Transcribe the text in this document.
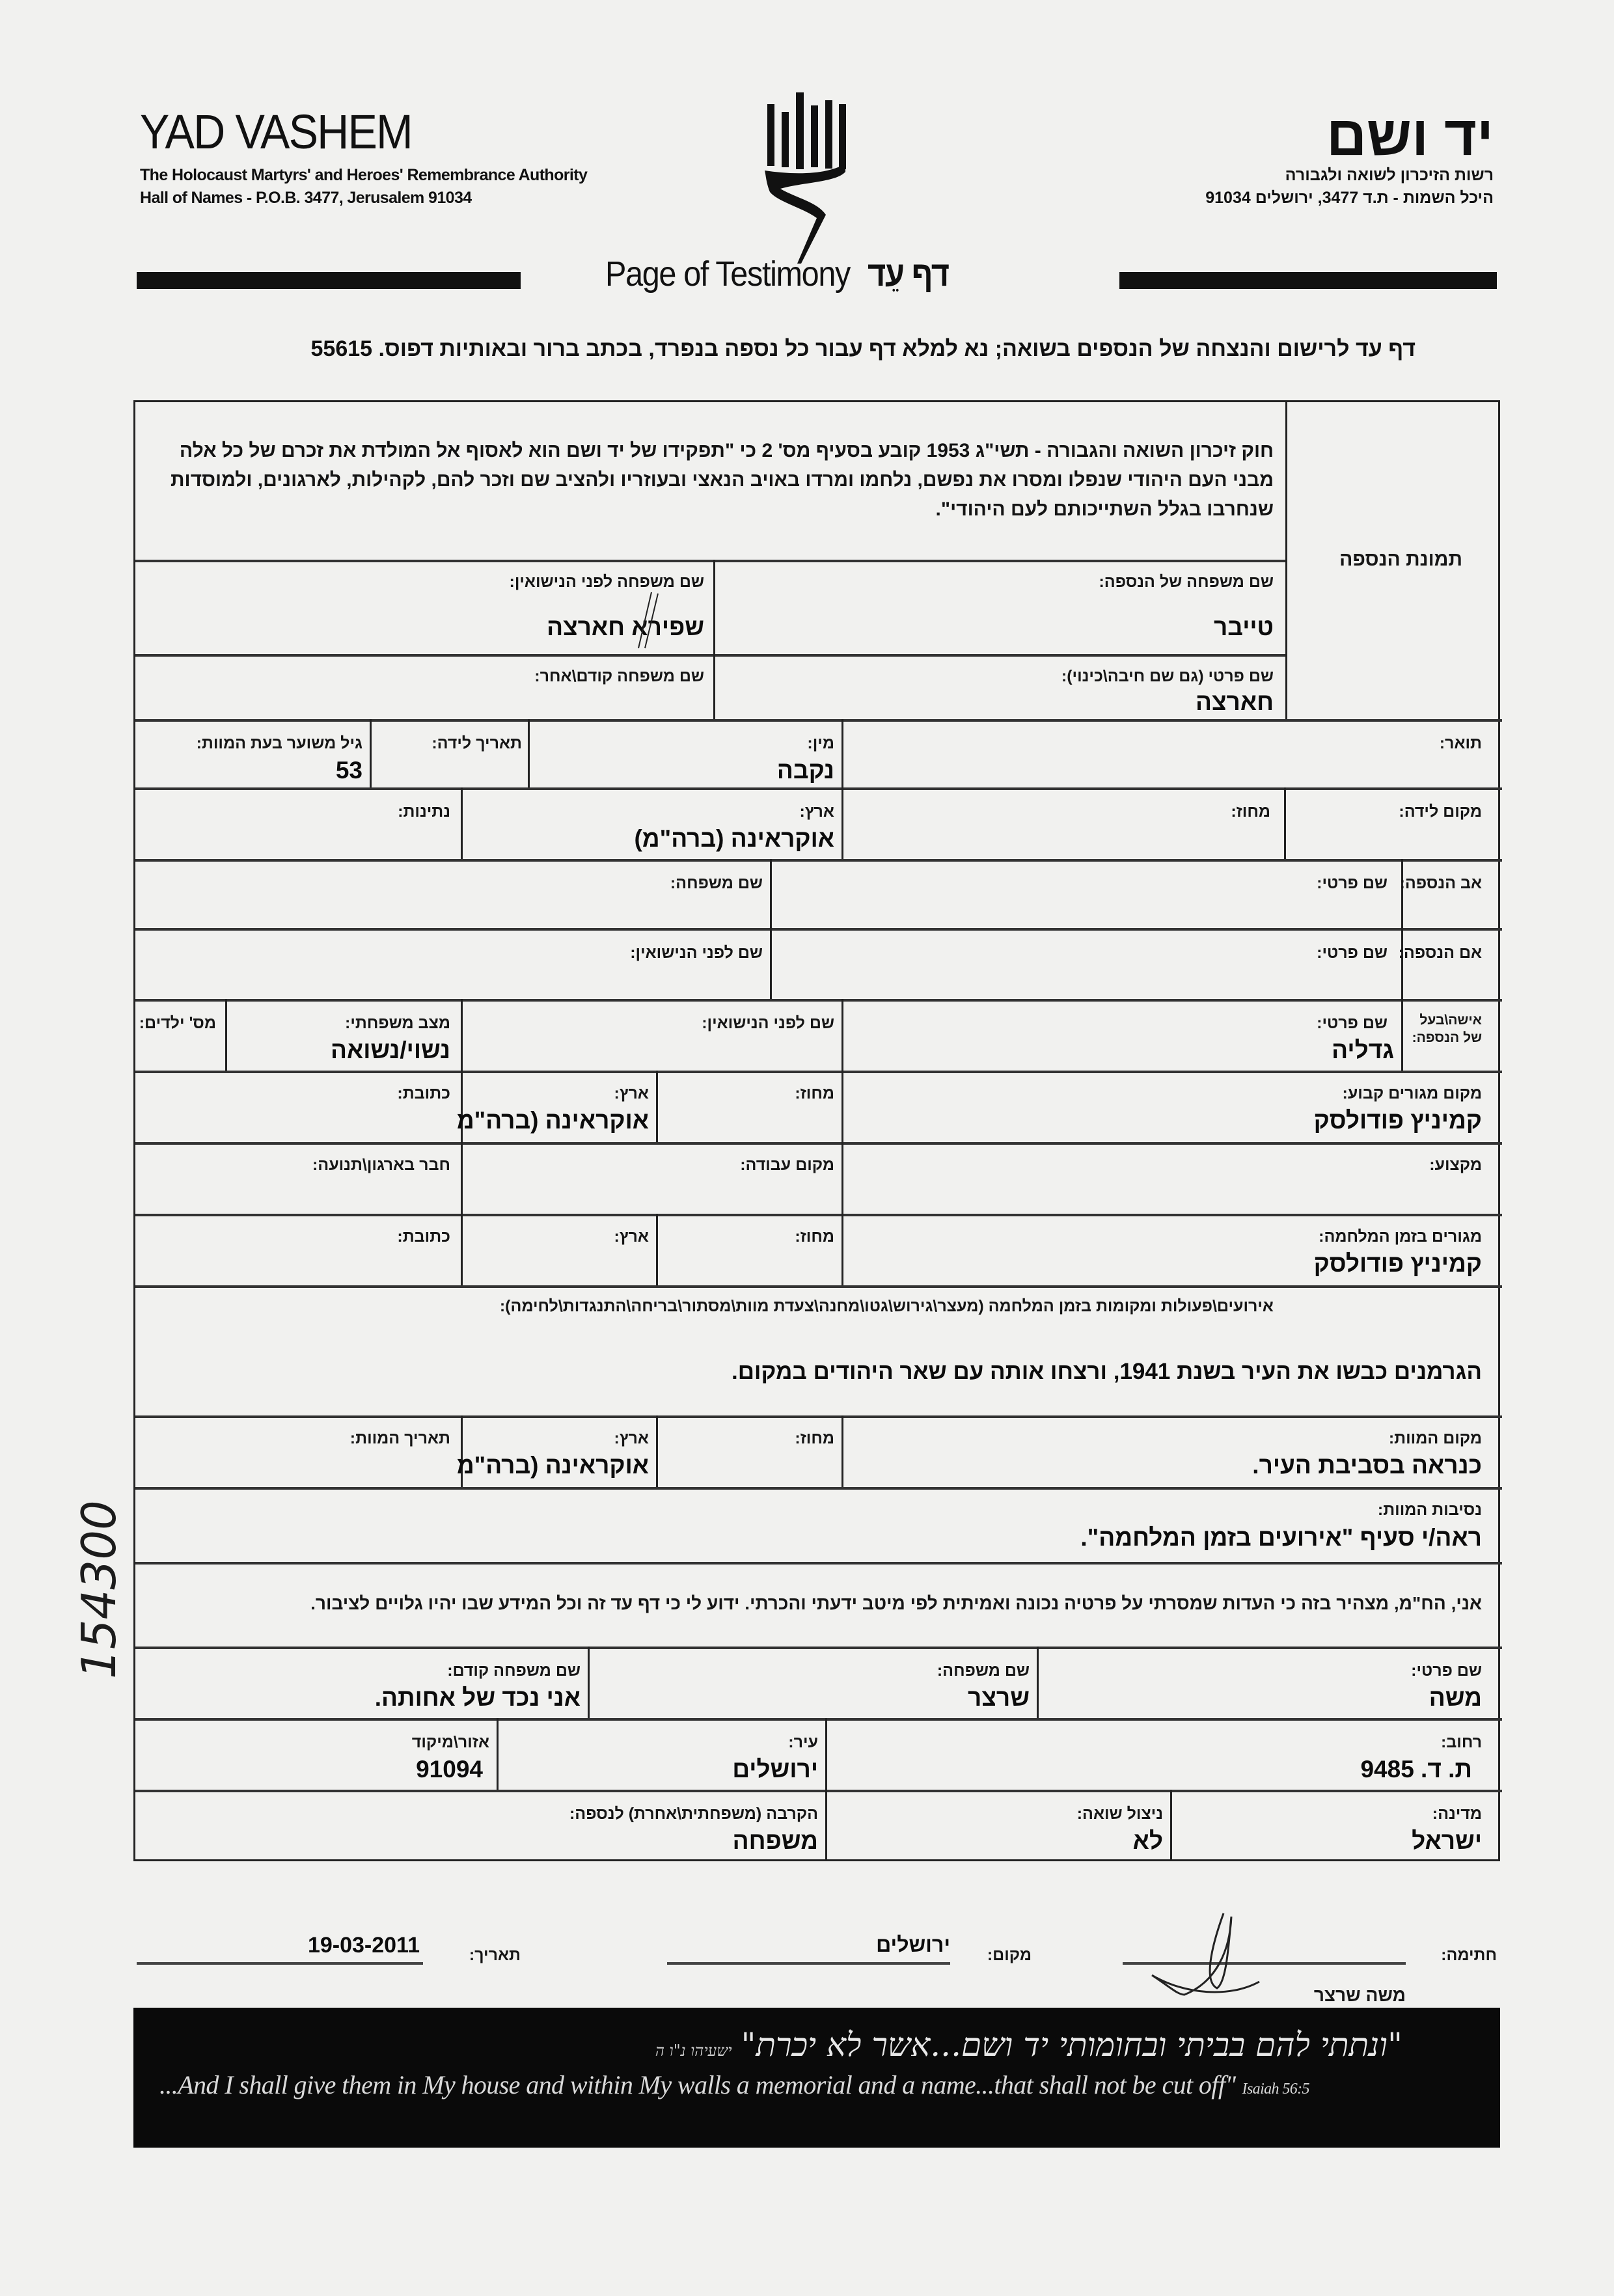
YAD VASHEM
The Holocaust Martyrs' and Heroes' Remembrance Authority
Hall of Names - P.O.B. 3477, Jerusalem 91034
יד ושם
רשות הזיכרון לשואה ולגבורה
היכל השמות - ת.ד 3477, ירושלים 91034
Page of Testimony דף עֵד
דף עד לרישום והנצחה של הנספים בשואה; נא למלא דף עבור כל נספה בנפרד, בכתב ברור ובאותיות דפוס. 55615
חוק זיכרון השואה והגבורה - תשי"ג 1953 קובע בסעיף מס' 2 כי "תפקידו של יד ושם הוא לאסוף אל המולדת את זכרם של כל אלה מבני העם היהודי שנפלו ומסרו את נפשם, נלחמו ומרדו באויב הנאצי ובעוזריו ולהציב שם וזכר להם, לקהילות, לארגונים, ולמוסדות שנחרבו בגלל השתייכותם לעם היהודי".
תמונת הנספה
שם משפחה של הנספה:
טייבר
שם משפחה לפני הנישואין:
שפירא חארצה
שם פרטי (גם שם חיבה\כינוי):
חארצה
שם משפחה קודם\אחר:
תואר:
מין:
נקבה
תאריך לידה:
גיל משוער בעת המוות:
53
מקום לידה:
מחוז:
ארץ:
אוקראינה (ברה"מ)
נתינות:
אב הנספה:
שם פרטי:
שם משפחה:
אם הנספה:
שם פרטי:
שם לפני הנישואין:
אישה\בעל
של הנספה:
שם פרטי:
גדליה
שם לפני הנישואין:
מצב משפחתי:
נשוי/נשואה
מס' ילדים:
מקום מגורים קבוע:
קמיניץ פודולסק
מחוז:
ארץ:
אוקראינה (ברה"מ
כתובת:
מקצוע:
מקום עבודה:
חבר בארגון\תנועה:
מגורים בזמן המלחמה:
קמיניץ פודולסק
מחוז:
ארץ:
כתובת:
אירועים\פעולות ומקומות בזמן המלחמה (מעצר\גירוש\גטו\מחנה\צעדת מוות\מסתור\בריחה\התנגדות\לחימה):
הגרמנים כבשו את העיר בשנת 1941, ורצחו אותה עם שאר היהודים במקום.
מקום המוות:
כנראה בסביבת העיר.
מחוז:
ארץ:
אוקראינה (ברה"מ
תאריך המוות:
נסיבות המוות:
ראה/י סעיף "אירועים בזמן המלחמה".
אני, הח"מ, מצהיר בזה כי העדות שמסרתי על פרטיה נכונה ואמיתית לפי מיטב ידעתי והכרתי. ידוע לי כי דף עד זה וכל המידע שבו יהיו גלויים לציבור.
שם פרטי:
משה
שם משפחה:
שרצר
שם משפחה קודם:
אני נכד של אחותה.
רחוב:
ת. ד. 9485
עיר:
ירושלים
אזור\מיקוד
91094
מדינה:
ישראל
ניצול שואה:
לא
הקרבה (משפחתית\אחרת) לנספה:
משפחה
154300
חתימה:
משה שרצר
מקום:
ירושלים
תאריך:
19-03-2011
"ונתתי להם בביתי ובחומותי יד ושם...אשר לא יכרת"ישעיהו נ"ו ה
...And I shall give them in My house and within My walls a memorial and a name...that shall not be cut off" Isaiah 56:5
